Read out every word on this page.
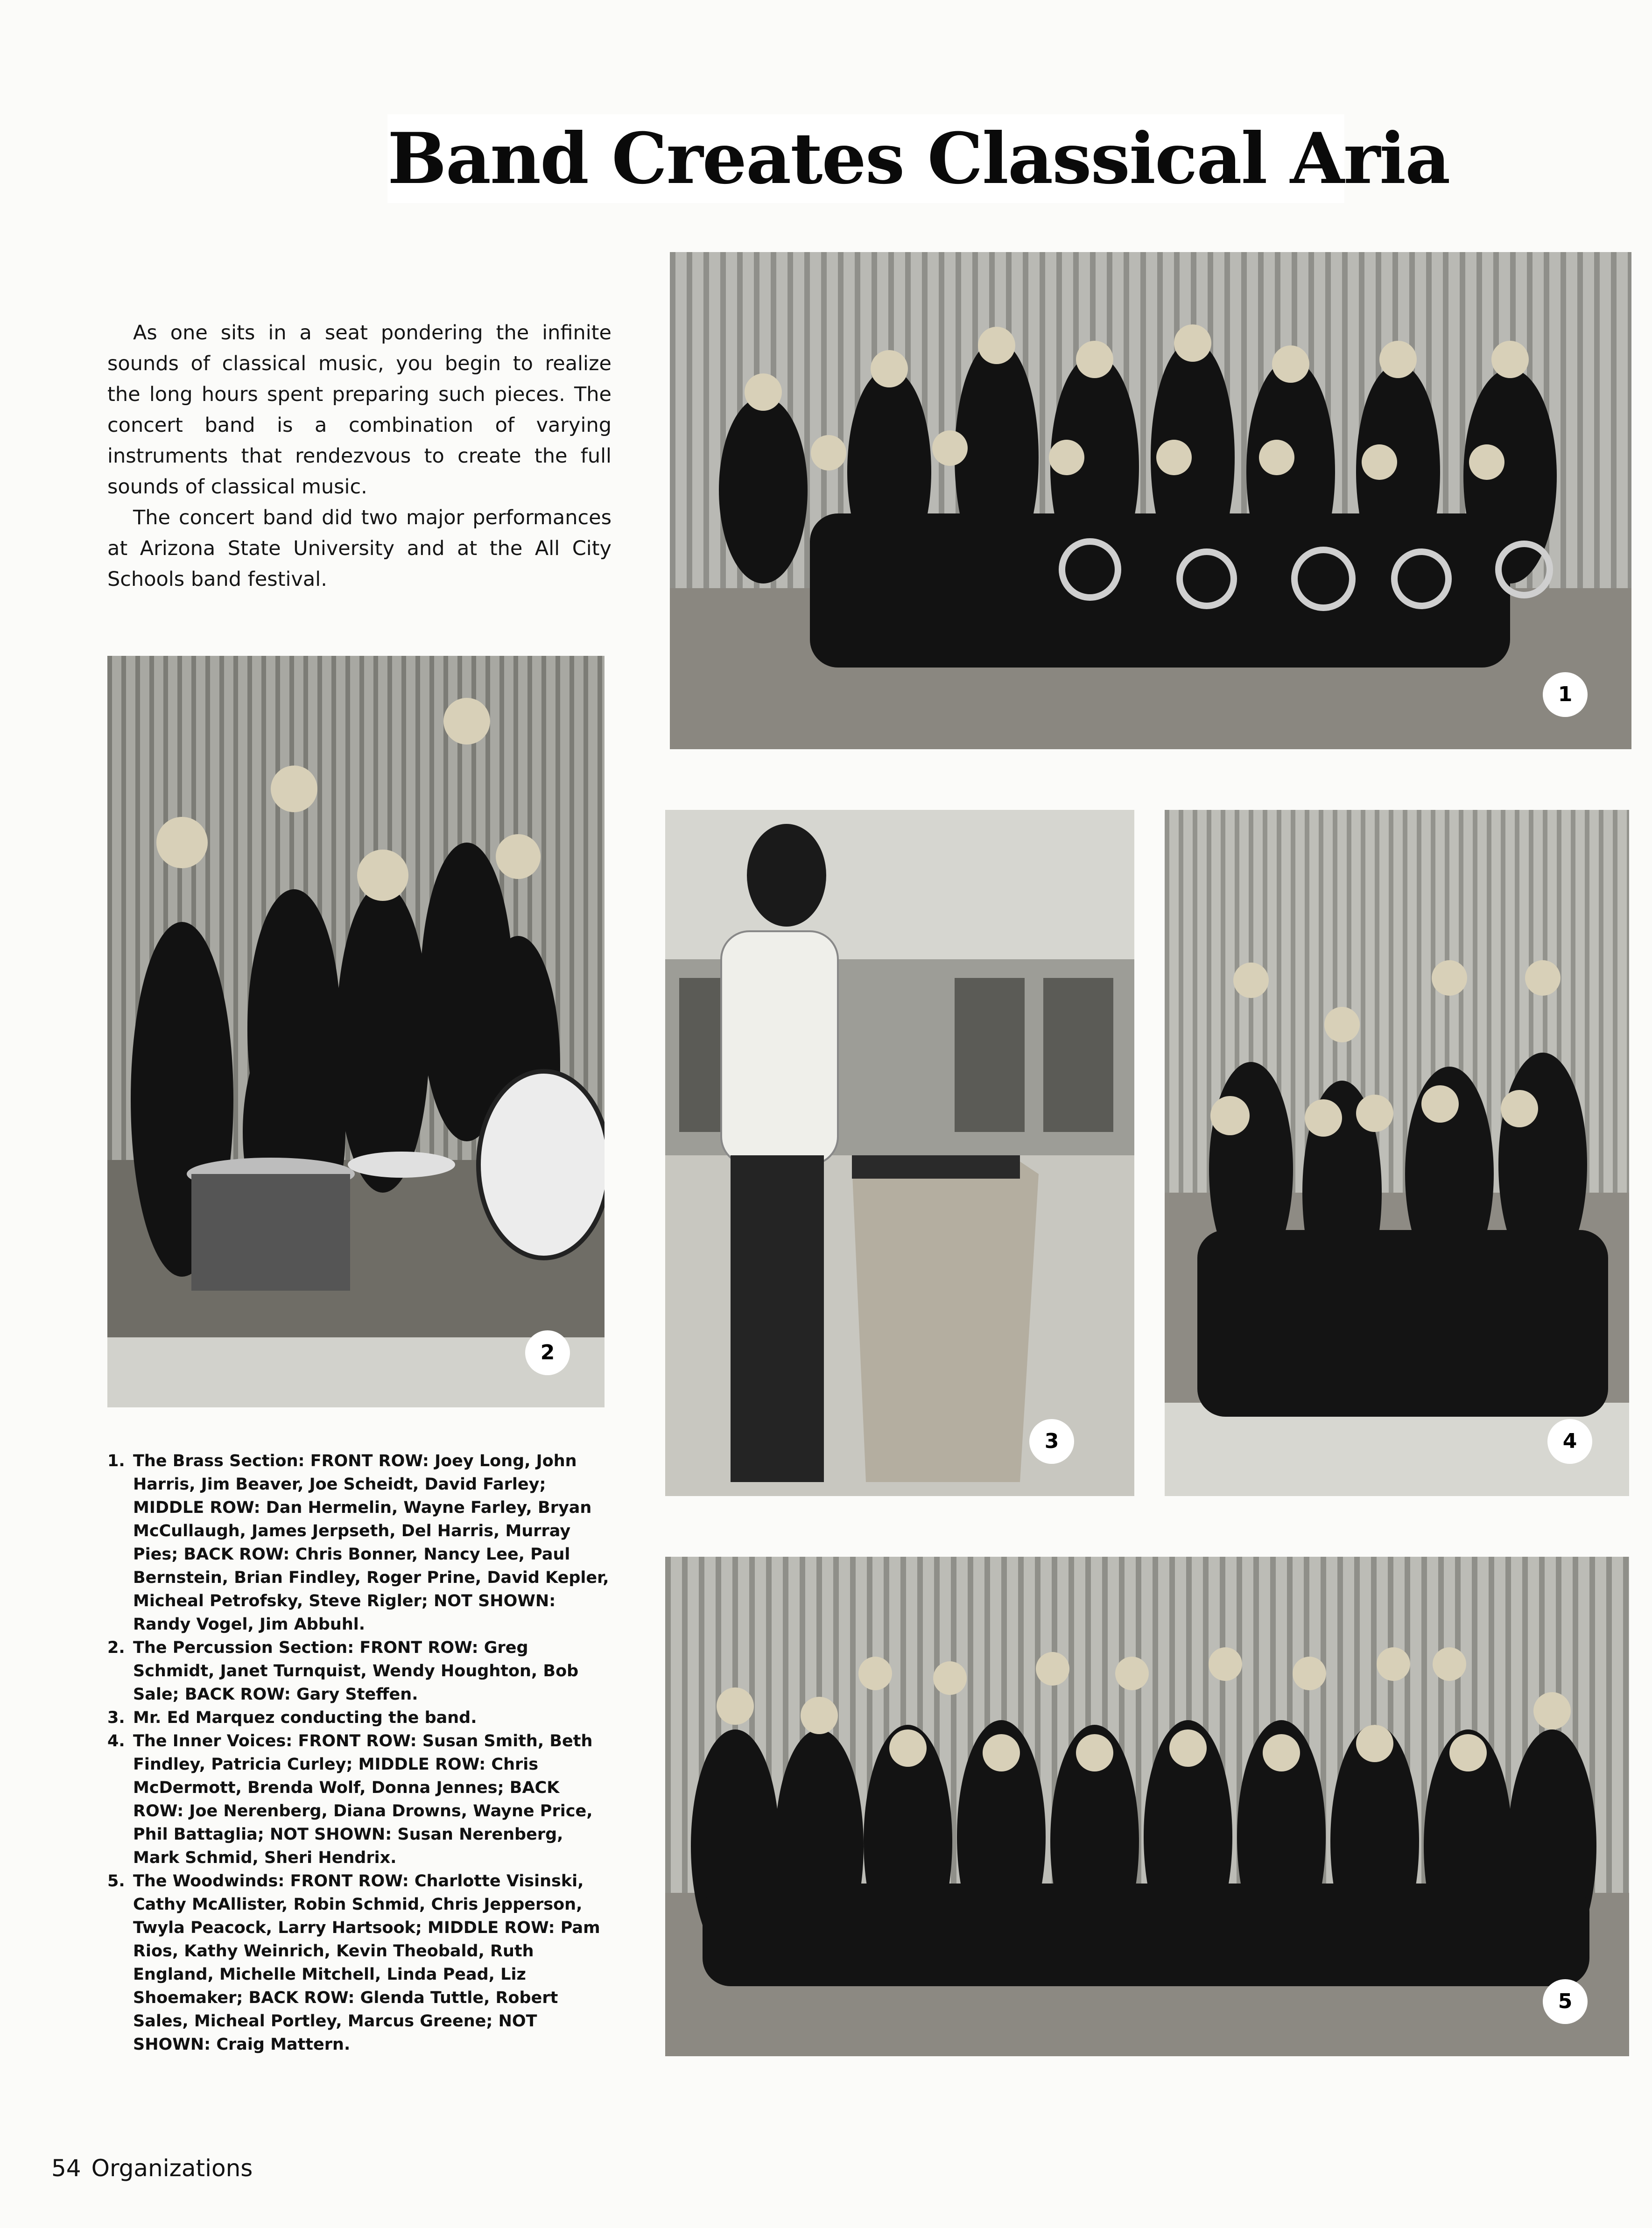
Band Creates Classical Aria

As one sits in a seat pondering the infinite sounds of classical music, you begin to realize the long hours spent preparing such pieces. The concert band is a combination of varying instruments that rendezvous to create the full sounds of classical music.

The concert band did two major performances at Arizona State University and at the All City Schools band festival.

1
2
3	4
5
1. The Brass Section: FRONT ROW: Joey Long, John Harris, Jim Beaver, Joe Scheidt, David Farley; MIDDLE ROW: Dan Hermelin, Wayne Farley, Bryan McCullaugh, James Jerpseth, Del Harris, Murray Pies; BACK ROW: Chris Bonner, Nancy Lee, Paul Bernstein, Brian Findley, Roger Prine, David Kepler, Micheal Petrofsky, Steve Rigler; NOT SHOWN: Randy Vogel, Jim Abbuhl.
2. The Percussion Section: FRONT ROW: Greg Schmidt, Janet Turnquist, Wendy Houghton, Bob Sale; BACK ROW: Gary Steffen.
3. Mr. Ed Marquez conducting the band.
4. The Inner Voices: FRONT ROW: Susan Smith, Beth Findley, Patricia Curley; MIDDLE ROW: Chris McDermott, Brenda Wolf, Donna Jennes; BACK ROW: Joe Nerenberg, Diana Drowns, Wayne Price, Phil Battaglia; NOT SHOWN: Susan Nerenberg, Mark Schmid, Sheri Hendrix.
5. The Woodwinds: FRONT ROW: Charlotte Visinski, Cathy McAllister, Robin Schmid, Chris Jepperson, Twyla Peacock, Larry Hartsook; MIDDLE ROW: Pam Rios, Kathy Weinrich, Kevin Theobald, Ruth England, Michelle Mitchell, Linda Pead, Liz Shoemaker; BACK ROW: Glenda Tuttle, Robert Sales, Micheal Portley, Marcus Greene; NOT SHOWN: Craig Mattern.
54 Organizations
